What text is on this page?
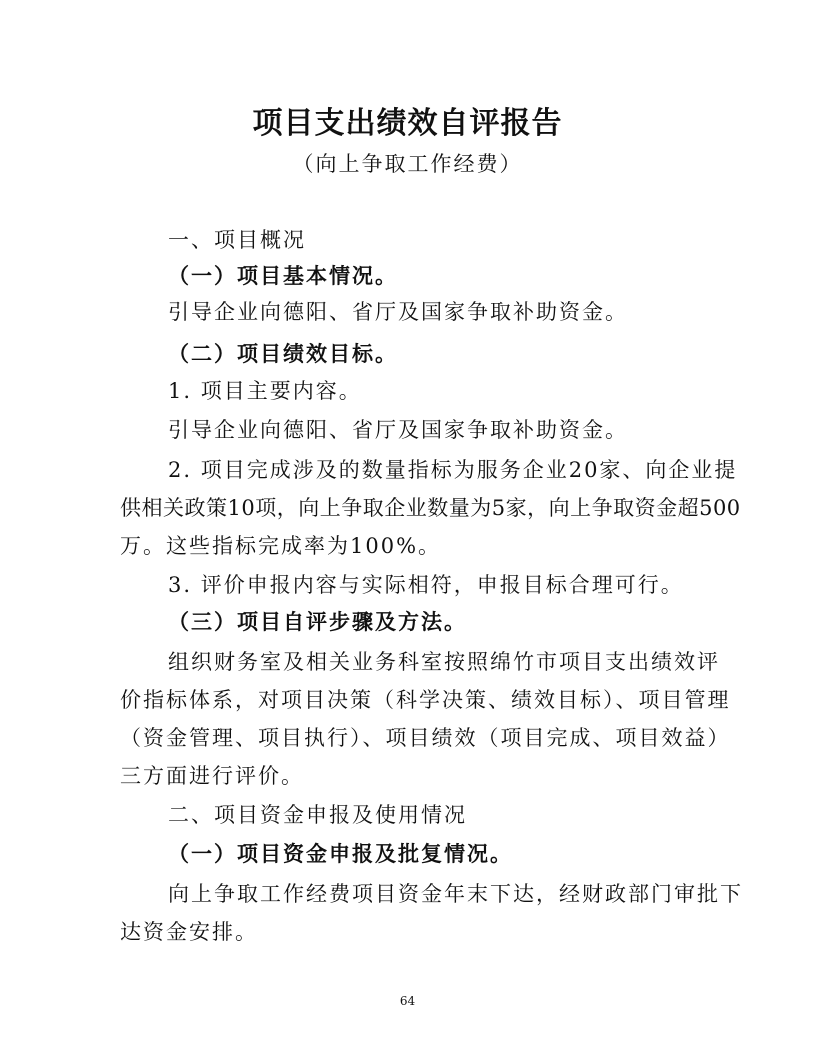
项目支出绩效自评报告
（向上争取工作经费）
一、项目概况
（一）项目基本情况。
引导企业向德阳、省厅及国家争取补助资金。
（二）项目绩效目标。
1. 项目主要内容。
引导企业向德阳、省厅及国家争取补助资金。
2. 项目完成涉及的数量指标为服务企业20家、向企业提
供相关政策10项，向上争取企业数量为5家，向上争取资金超500
万。这些指标完成率为100%。
3. 评价申报内容与实际相符，申报目标合理可行。
（三）项目自评步骤及方法。
组织财务室及相关业务科室按照绵竹市项目支出绩效评
价指标体系，对项目决策（科学决策、绩效目标）、项目管理
（资金管理、项目执行）、项目绩效（项目完成、项目效益）
三方面进行评价。
二、项目资金申报及使用情况
（一）项目资金申报及批复情况。
向上争取工作经费项目资金年末下达，经财政部门审批下
达资金安排。
64
